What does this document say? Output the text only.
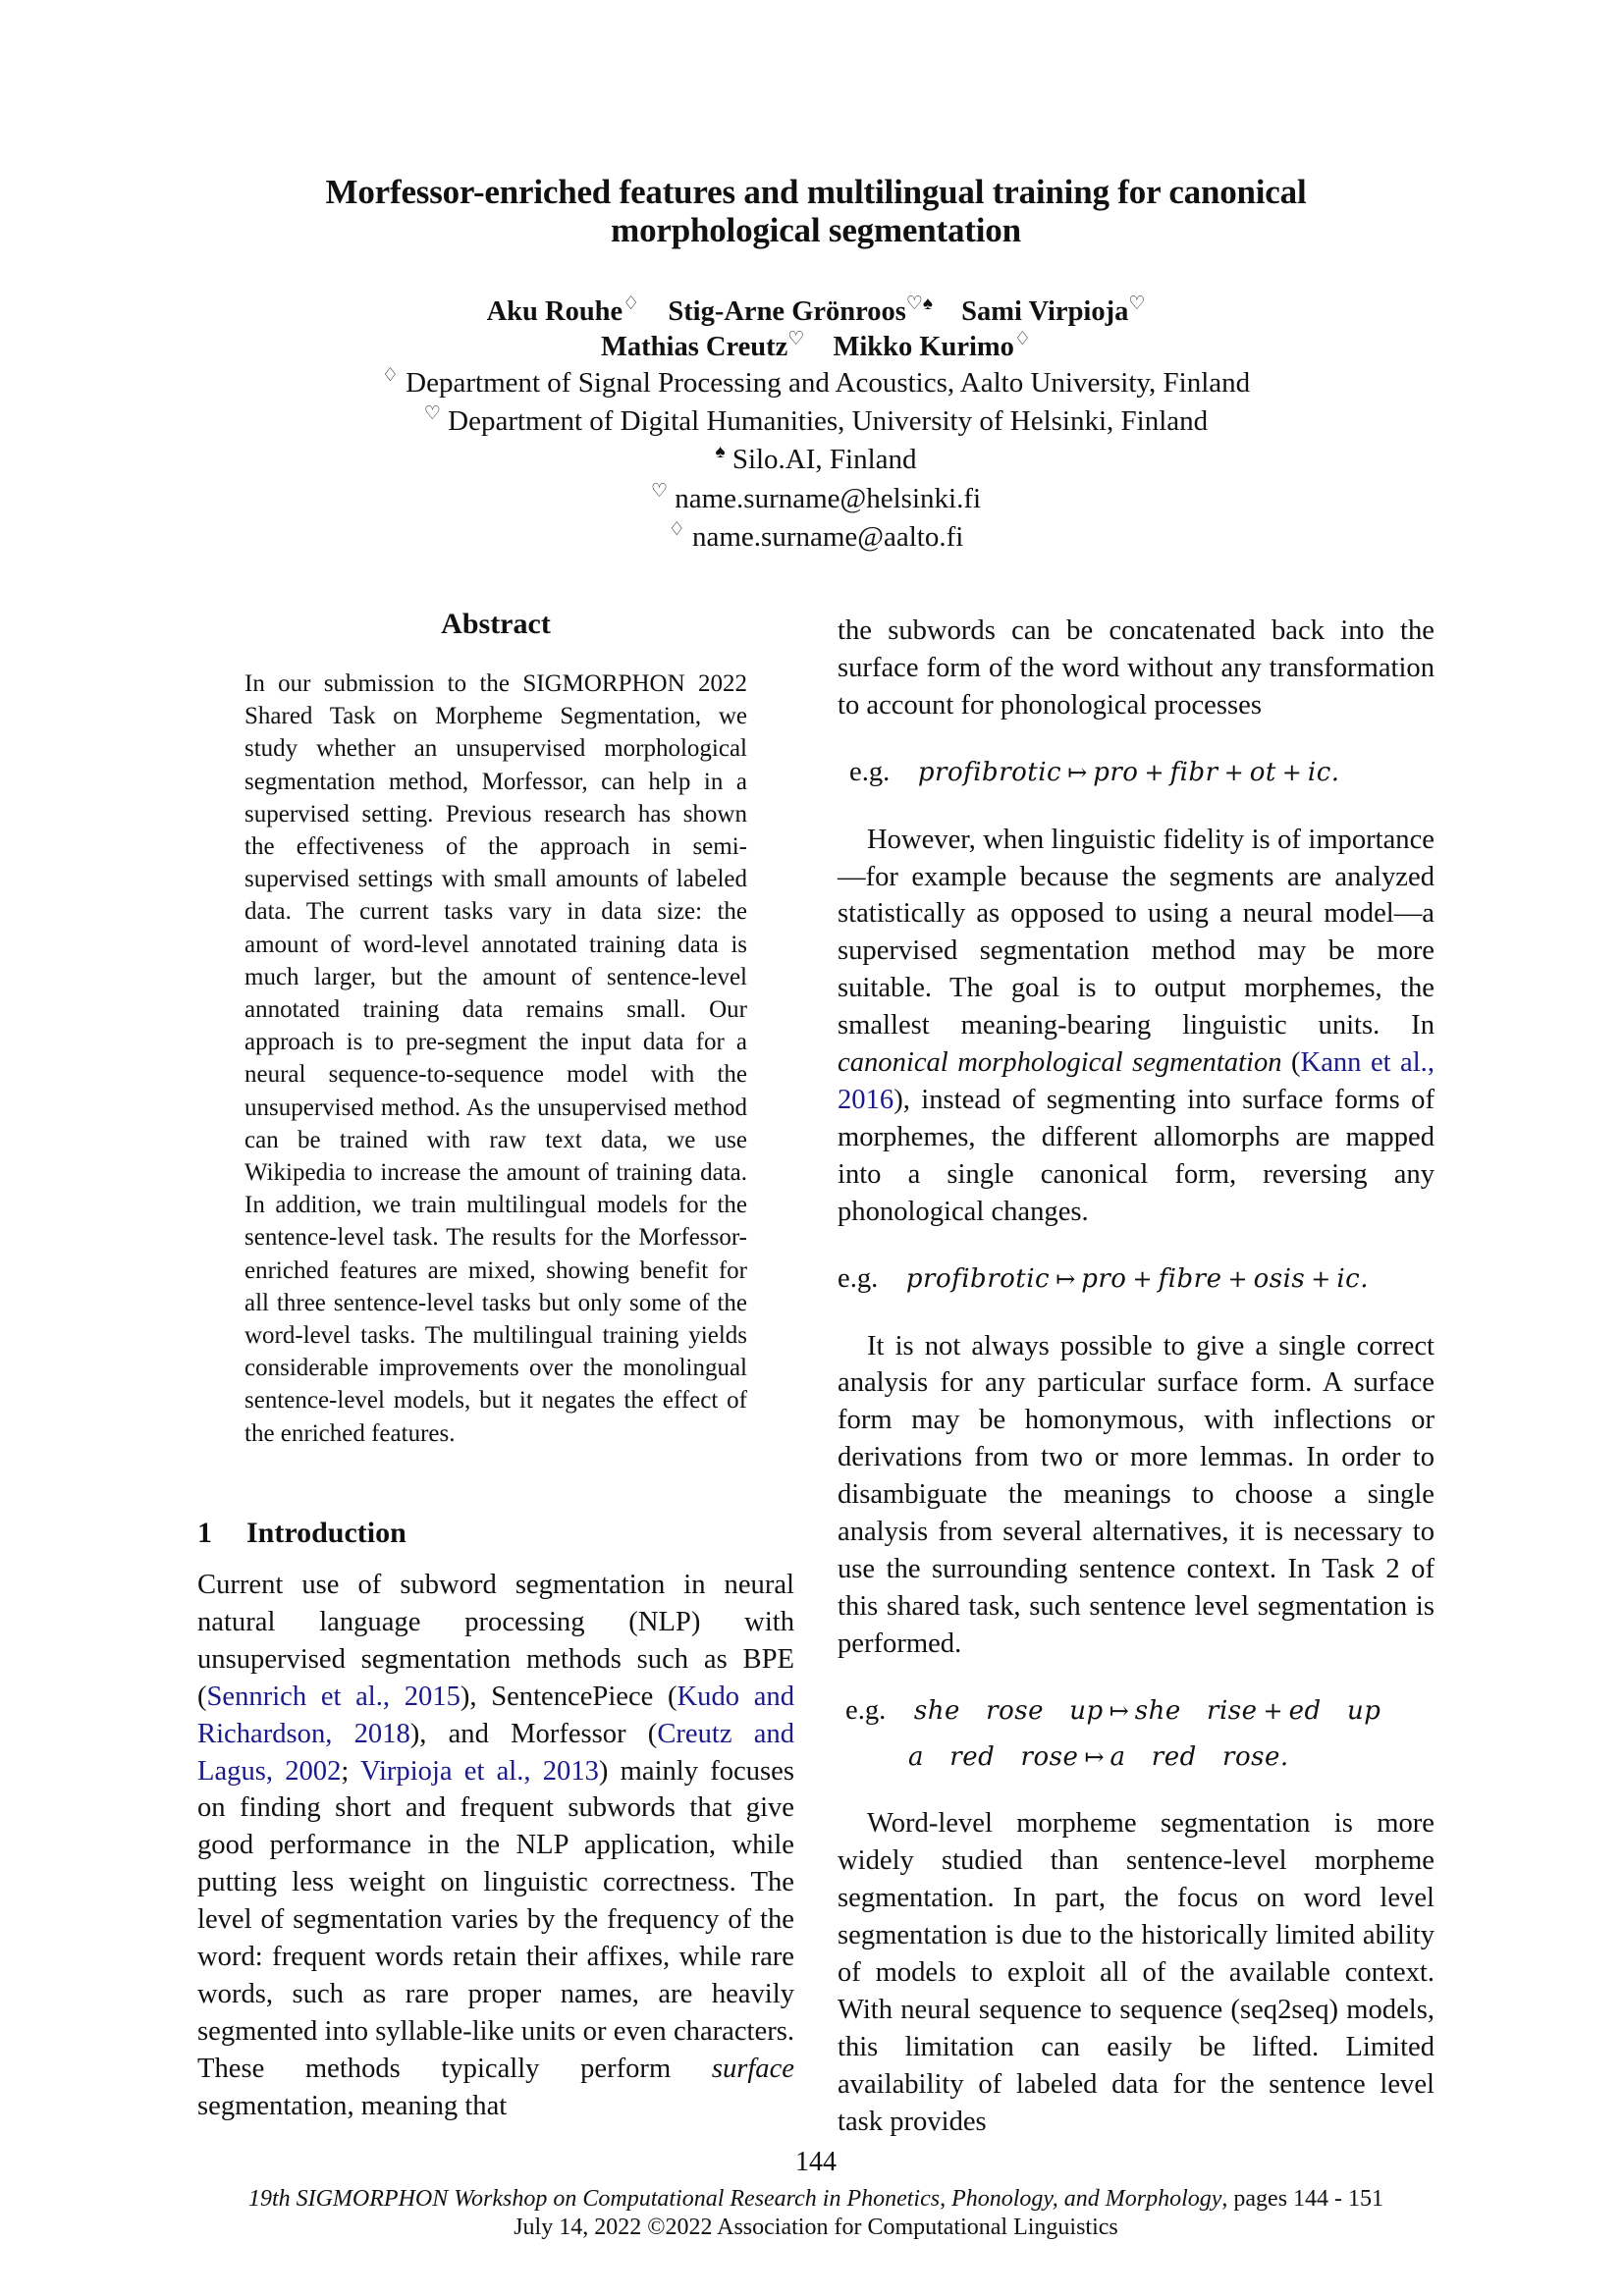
Morfessor-enriched features and multilingual training for canonical
morphological segmentation
Aku Rouhe♢ Stig-Arne Grönroos♡♠ Sami Virpioja♡
Mathias Creutz♡ Mikko Kurimo♢
♢ Department of Signal Processing and Acoustics, Aalto University, Finland
♡ Department of Digital Humanities, University of Helsinki, Finland
♠ Silo.AI, Finland
♡ name.surname@helsinki.fi
♢ name.surname@aalto.fi
Abstract
In our submission to the SIGMORPHON 2022 Shared Task on Morpheme Segmentation, we study whether an unsupervised morphological segmentation method, Morfessor, can help in a supervised setting. Previous research has shown the effectiveness of the approach in semi-supervised settings with small amounts of labeled data. The current tasks vary in data size: the amount of word-level annotated training data is much larger, but the amount of sentence-level annotated training data remains small. Our approach is to pre-segment the input data for a neural sequence-to-sequence model with the unsupervised method. As the unsupervised method can be trained with raw text data, we use Wikipedia to increase the amount of training data. In addition, we train multilingual models for the sentence-level task. The results for the Morfessor-enriched features are mixed, showing benefit for all three sentence-level tasks but only some of the word-level tasks. The multilingual training yields considerable improvements over the monolingual sentence-level models, but it negates the effect of the enriched features.
1 Introduction

Current use of subword segmentation in neural natural language processing (NLP) with unsupervised segmentation methods such as BPE (Sennrich et al., 2015), SentencePiece (Kudo and Richardson, 2018), and Morfessor (Creutz and Lagus, 2002; Virpioja et al., 2013) mainly focuses on finding short and frequent subwords that give good performance in the NLP application, while putting less weight on linguistic correctness. The level of segmentation varies by the frequency of the word: frequent words retain their affixes, while rare words, such as rare proper names, are heavily segmented into syllable-like units or even characters. These methods typically perform surface segmentation, meaning that

the subwords can be concatenated back into the surface form of the word without any transformation to account for phonological processes

e.g. profibrotic ↦ pro + fibr + ot + ic.

However, when linguistic fidelity is of importance—for example because the segments are analyzed statistically as opposed to using a neural model—a supervised segmentation method may be more suitable. The goal is to output morphemes, the smallest meaning-bearing linguistic units. In canonical morphological segmentation (Kann et al., 2016), instead of segmenting into surface forms of morphemes, the different allomorphs are mapped into a single canonical form, reversing any phonological changes.

e.g. profibrotic ↦ pro + fibre + osis + ic.

It is not always possible to give a single correct analysis for any particular surface form. A surface form may be homonymous, with inflections or derivations from two or more lemmas. In order to disambiguate the meanings to choose a single analysis from several alternatives, it is necessary to use the surrounding sentence context. In Task 2 of this shared task, such sentence level segmentation is performed.

e.g. she   rose   up ↦ she   rise + ed   up
a   red   rose ↦ a   red   rose.

Word-level morpheme segmentation is more widely studied than sentence-level morpheme segmentation. In part, the focus on word level segmentation is due to the historically limited ability of models to exploit all of the available context. With neural sequence to sequence (seq2seq) models, this limitation can easily be lifted. Limited availability of labeled data for the sentence level task provides

144
19th SIGMORPHON Workshop on Computational Research in Phonetics, Phonology, and Morphology, pages 144 - 151
July 14, 2022 ©2022 Association for Computational Linguistics
